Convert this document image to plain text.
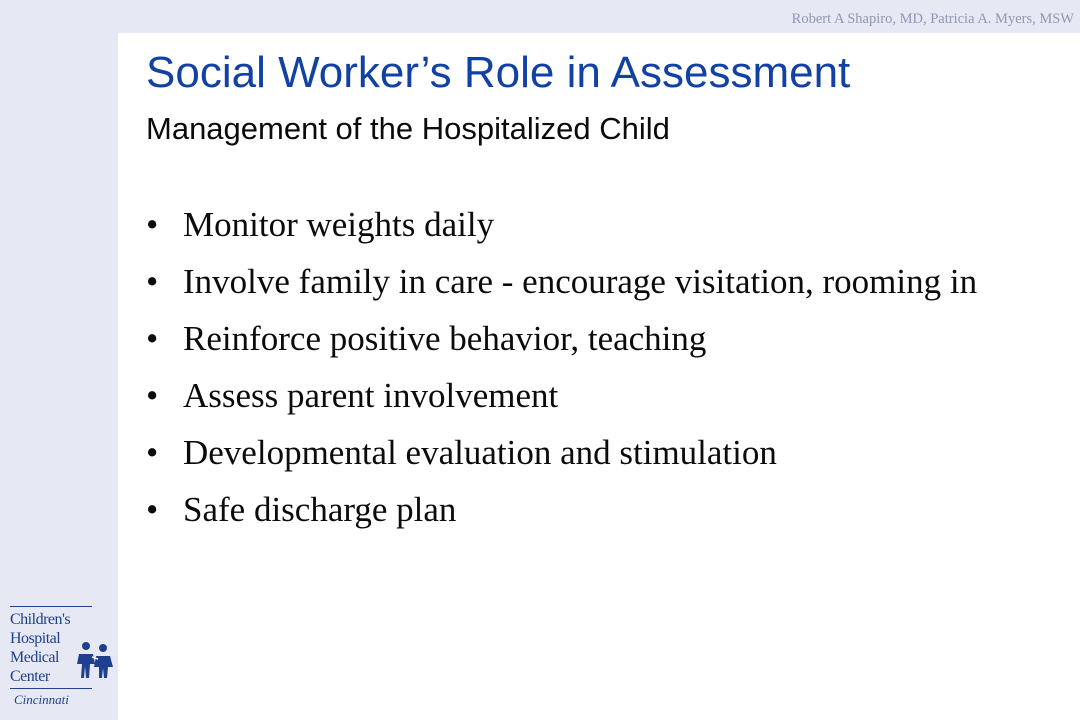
Robert A Shapiro, MD, Patricia A. Myers, MSW
Social Worker’s Role in Assessment
Management of the Hospitalized Child
• Monitor weights daily
• Involve family in care - encourage visitation, rooming in
• Reinforce positive behavior, teaching
• Assess parent involvement
• Developmental evaluation and stimulation
• Safe discharge plan
Children's
Hospital
Medical
Center
Cincinnati
